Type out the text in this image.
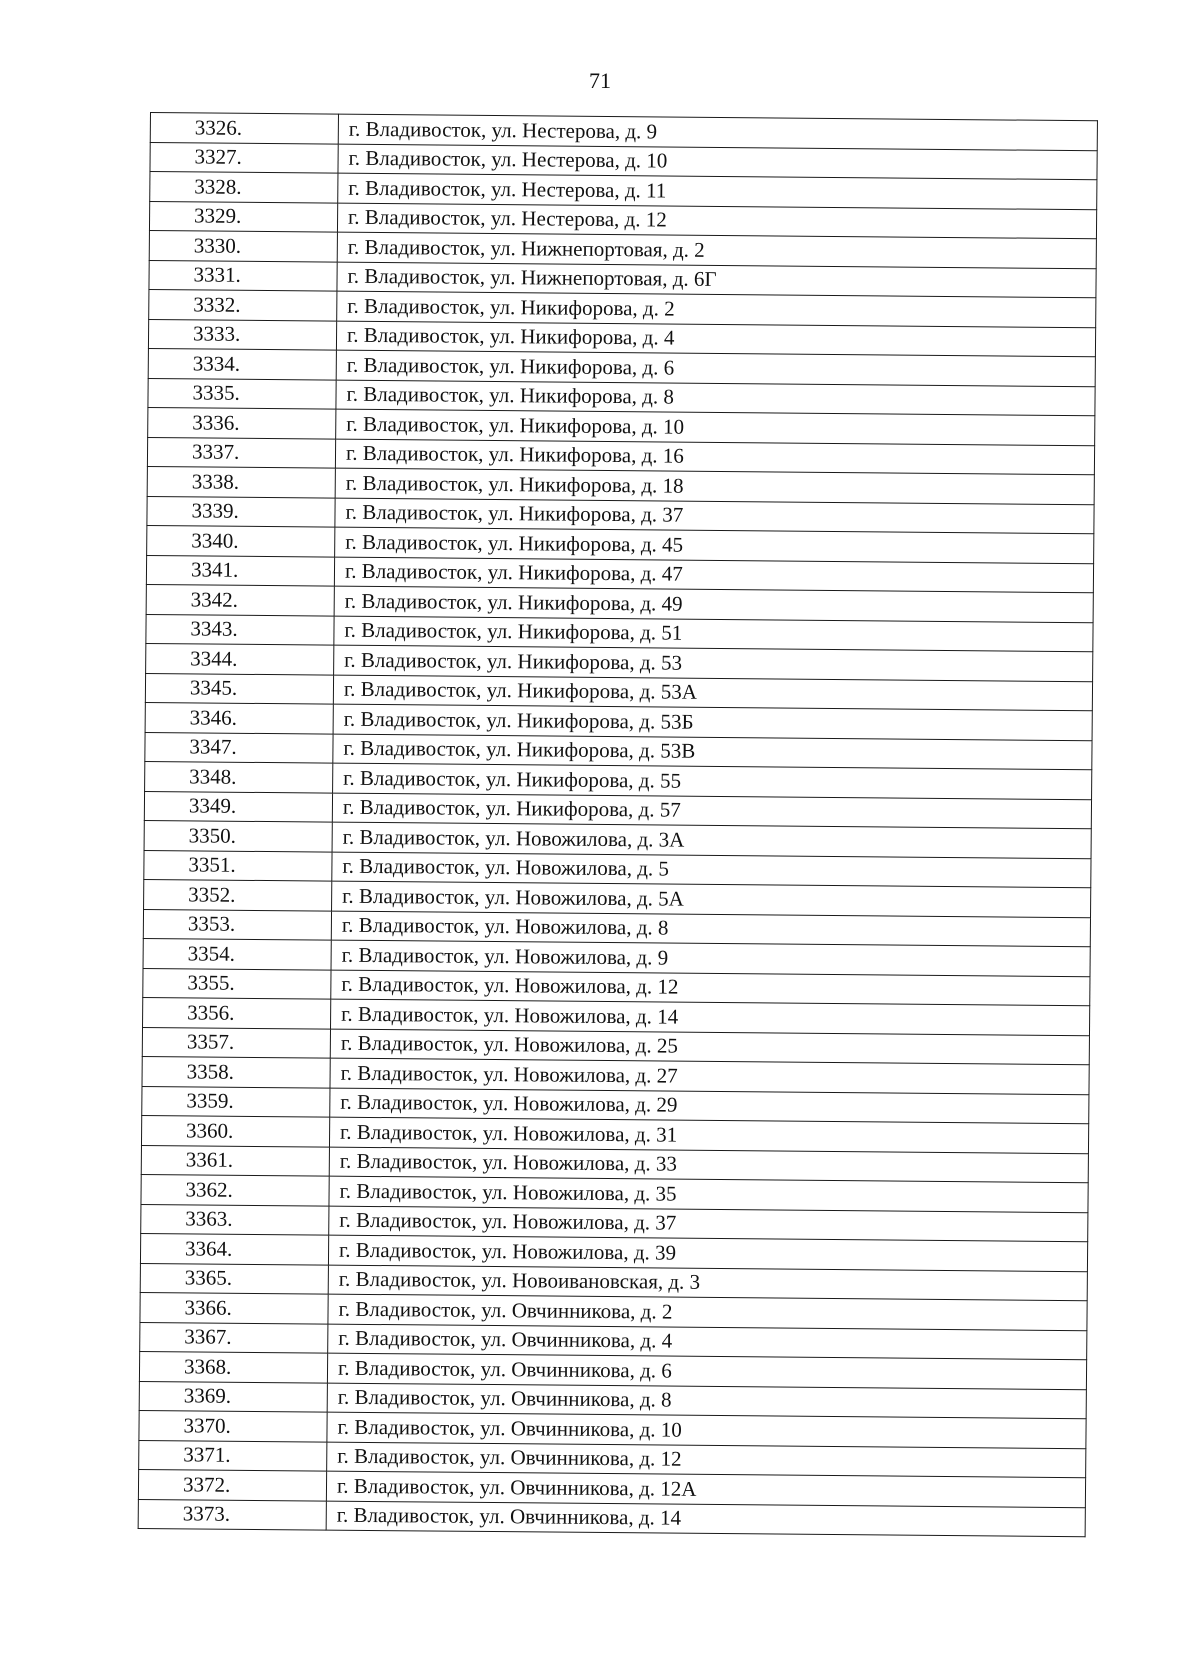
71
3326.	г. Владивосток, ул. Нестерова, д. 9
3327.	г. Владивосток, ул. Нестерова, д. 10
3328.	г. Владивосток, ул. Нестерова, д. 11
3329.	г. Владивосток, ул. Нестерова, д. 12
3330.	г. Владивосток, ул. Нижнепортовая, д. 2
3331.	г. Владивосток, ул. Нижнепортовая, д. 6Г
3332.	г. Владивосток, ул. Никифорова, д. 2
3333.	г. Владивосток, ул. Никифорова, д. 4
3334.	г. Владивосток, ул. Никифорова, д. 6
3335.	г. Владивосток, ул. Никифорова, д. 8
3336.	г. Владивосток, ул. Никифорова, д. 10
3337.	г. Владивосток, ул. Никифорова, д. 16
3338.	г. Владивосток, ул. Никифорова, д. 18
3339.	г. Владивосток, ул. Никифорова, д. 37
3340.	г. Владивосток, ул. Никифорова, д. 45
3341.	г. Владивосток, ул. Никифорова, д. 47
3342.	г. Владивосток, ул. Никифорова, д. 49
3343.	г. Владивосток, ул. Никифорова, д. 51
3344.	г. Владивосток, ул. Никифорова, д. 53
3345.	г. Владивосток, ул. Никифорова, д. 53А
3346.	г. Владивосток, ул. Никифорова, д. 53Б
3347.	г. Владивосток, ул. Никифорова, д. 53В
3348.	г. Владивосток, ул. Никифорова, д. 55
3349.	г. Владивосток, ул. Никифорова, д. 57
3350.	г. Владивосток, ул. Новожилова, д. 3А
3351.	г. Владивосток, ул. Новожилова, д. 5
3352.	г. Владивосток, ул. Новожилова, д. 5А
3353.	г. Владивосток, ул. Новожилова, д. 8
3354.	г. Владивосток, ул. Новожилова, д. 9
3355.	г. Владивосток, ул. Новожилова, д. 12
3356.	г. Владивосток, ул. Новожилова, д. 14
3357.	г. Владивосток, ул. Новожилова, д. 25
3358.	г. Владивосток, ул. Новожилова, д. 27
3359.	г. Владивосток, ул. Новожилова, д. 29
3360.	г. Владивосток, ул. Новожилова, д. 31
3361.	г. Владивосток, ул. Новожилова, д. 33
3362.	г. Владивосток, ул. Новожилова, д. 35
3363.	г. Владивосток, ул. Новожилова, д. 37
3364.	г. Владивосток, ул. Новожилова, д. 39
3365.	г. Владивосток, ул. Новоивановская, д. 3
3366.	г. Владивосток, ул. Овчинникова, д. 2
3367.	г. Владивосток, ул. Овчинникова, д. 4
3368.	г. Владивосток, ул. Овчинникова, д. 6
3369.	г. Владивосток, ул. Овчинникова, д. 8
3370.	г. Владивосток, ул. Овчинникова, д. 10
3371.	г. Владивосток, ул. Овчинникова, д. 12
3372.	г. Владивосток, ул. Овчинникова, д. 12А
3373.	г. Владивосток, ул. Овчинникова, д. 14
